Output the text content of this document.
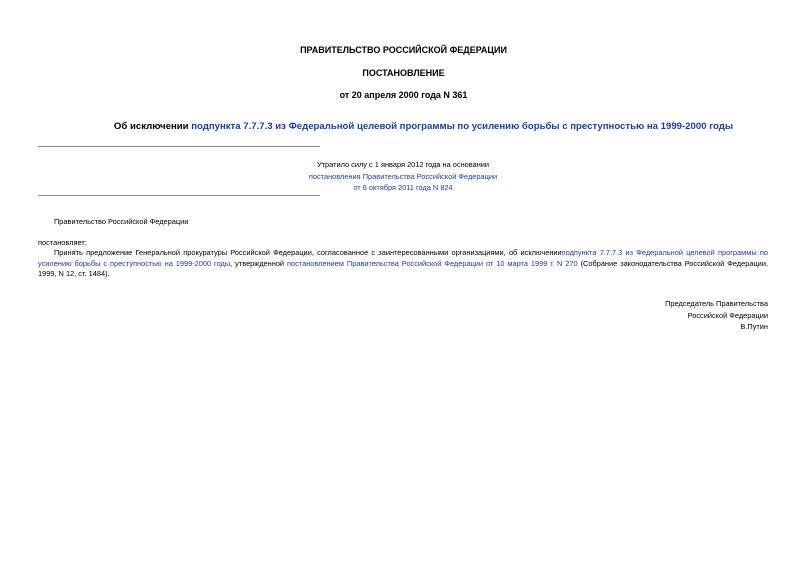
ПРАВИТЕЛЬСТВО РОССИЙСКОЙ ФЕДЕРАЦИИ
ПОСТАНОВЛЕНИЕ
от 20 апреля 2000 года N 361
Об исключении подпункта 7.7.7.3 из Федеральной целевой программы по усилению борьбы с преступностью на 1999-2000 годы
Утратило силу с 1 января 2012 года на основании
постановления Правительства Российской Федерации
от 6 октября 2011 года N 824
Правительство Российской Федерации
постановляет:
Принять предложение Генеральной прокуратуры Российской Федерации, согласованное с заинтересованными организациями, об исключенииподпункта 7.7.7.3 из Федеральной целевой программы по усилению борьбы с преступностью на 1999-2000 годы, утвержденной постановлением Правительства Российской Федерации от 10 марта 1999 г. N 270 (Собрание законодательства Российской Федерации, 1999, N 12, ст. 1484).
Председатель Правительства
Российской Федерации
В.Путин
